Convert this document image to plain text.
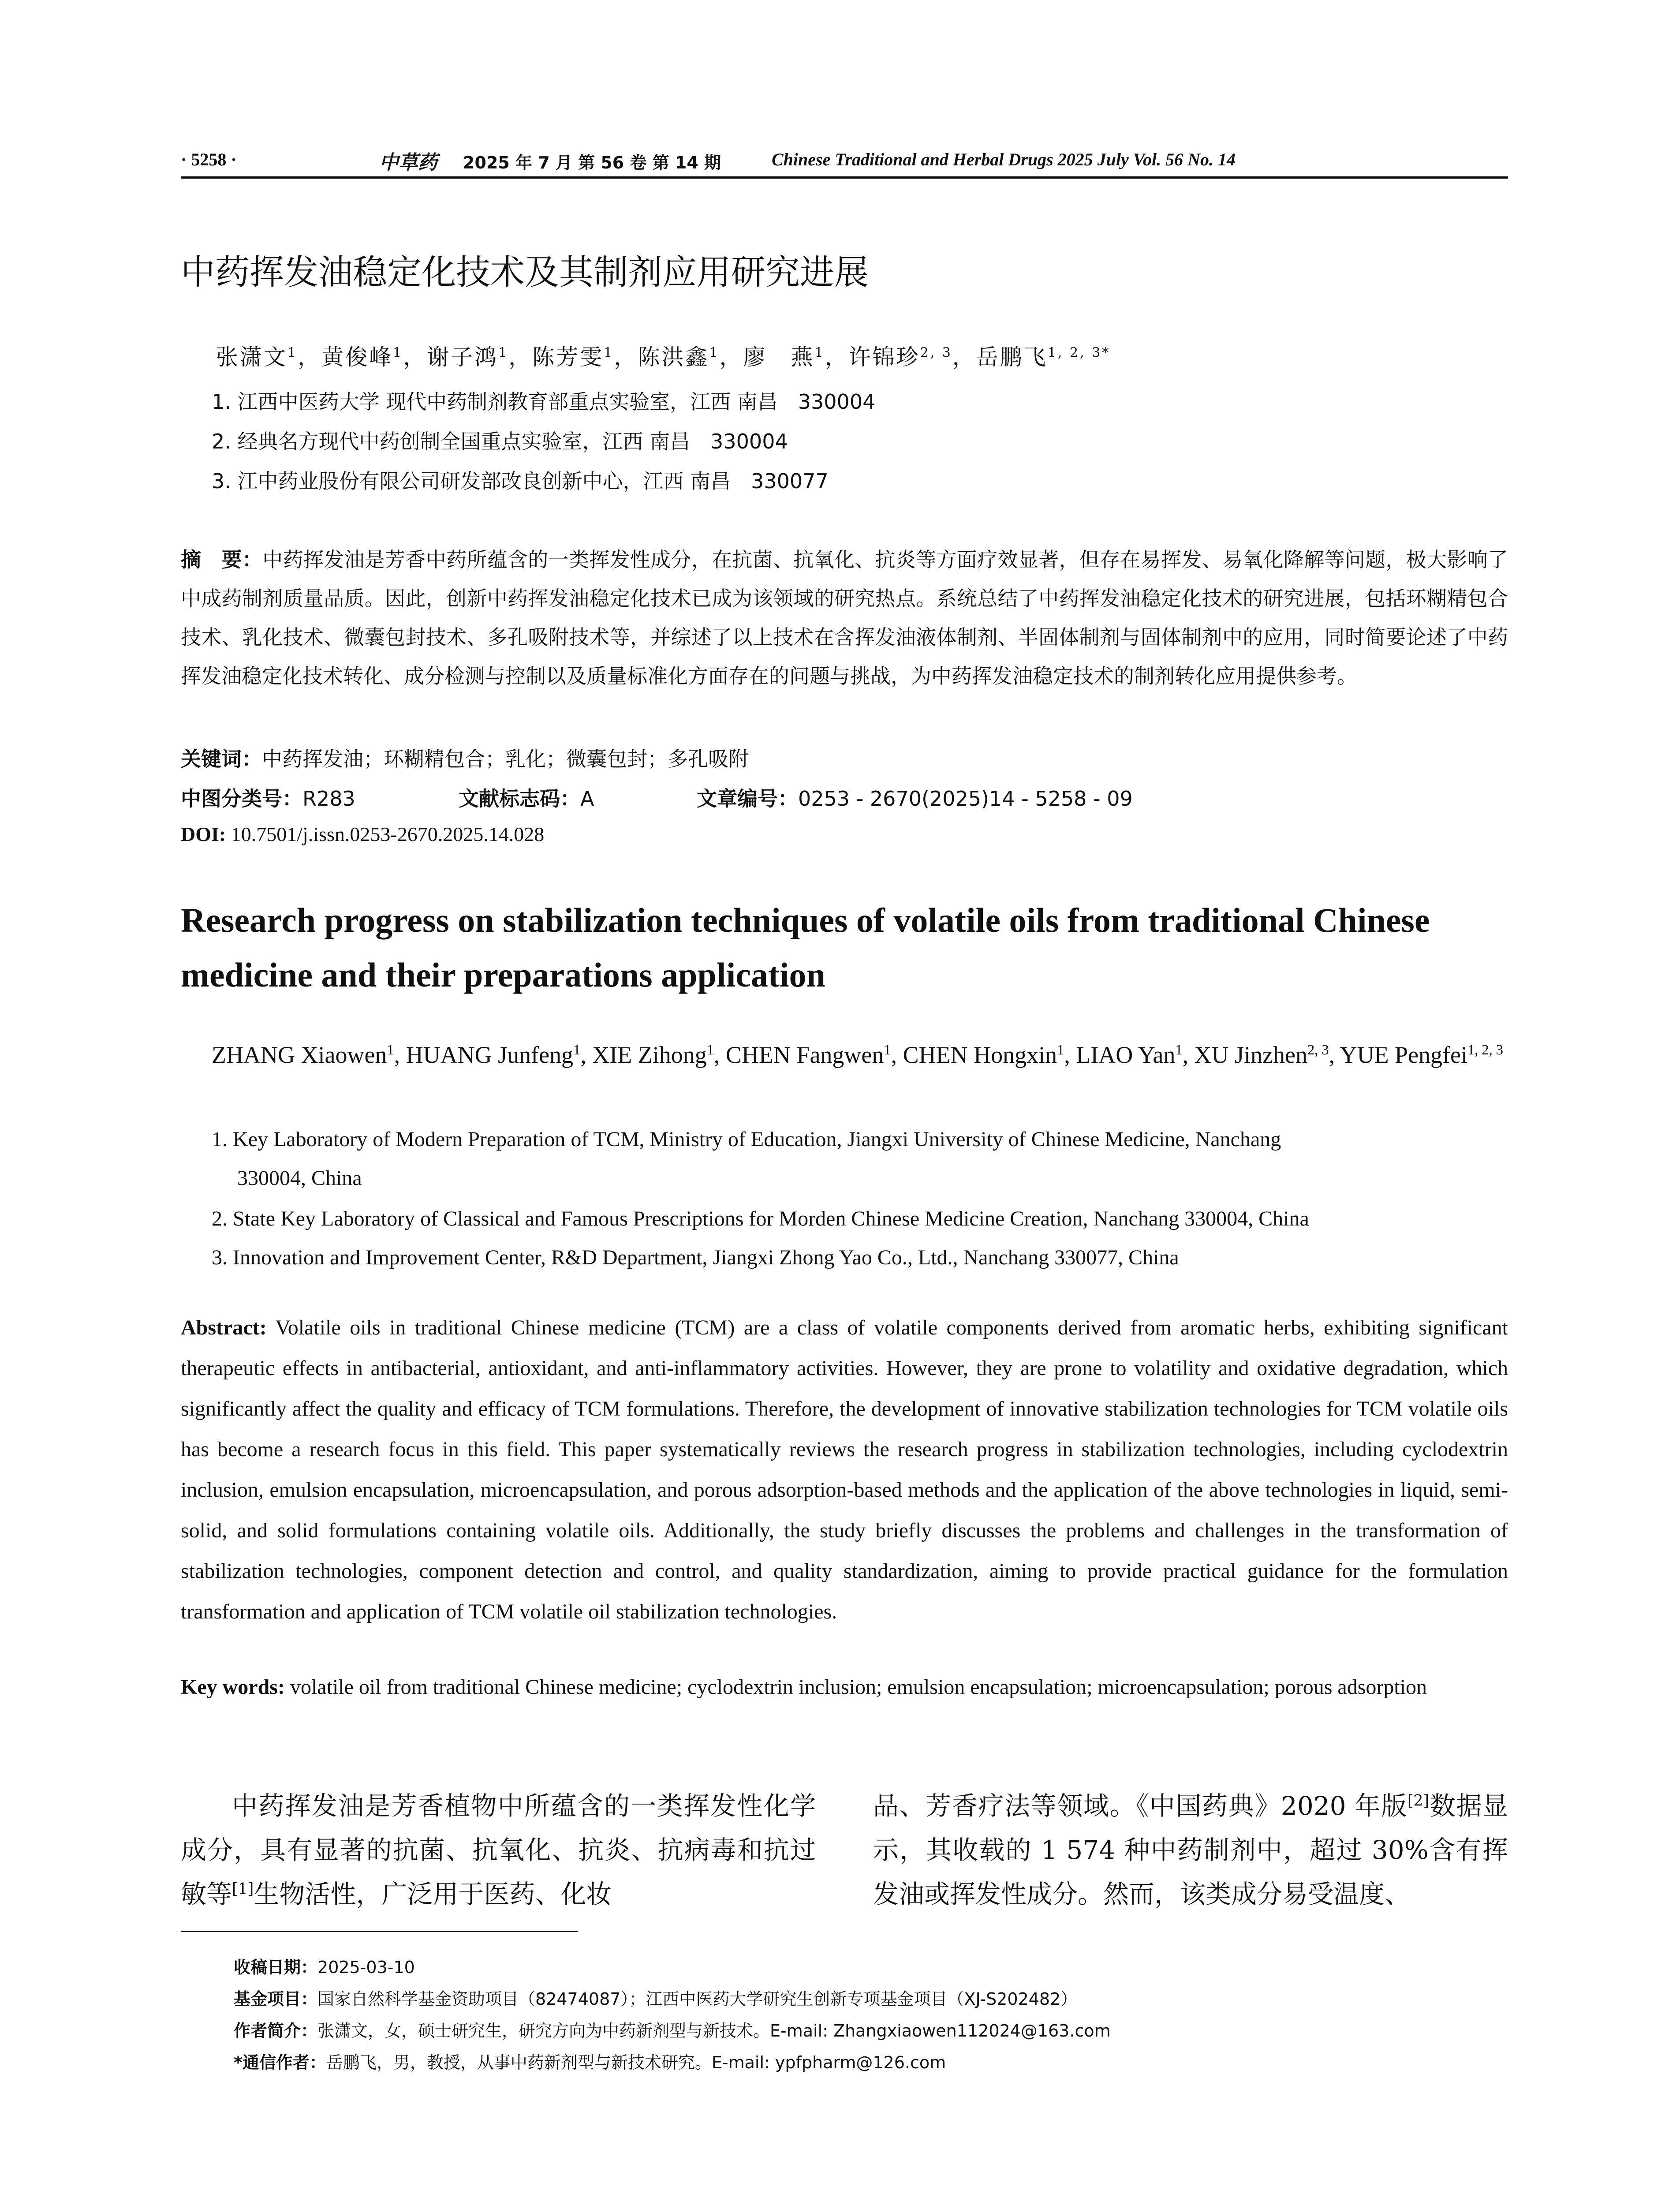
· 5258 ·	中草药 2025 年 7 月 第 56 卷 第 14 期	Chinese Traditional and Herbal Drugs 2025 July Vol. 56 No. 14
中药挥发油稳定化技术及其制剂应用研究进展
张潇文$^1$，黄俊峰$^1$，谢子鸿$^1$，陈芳雯$^1$，陈洪鑫$^1$，廖　燕$^1$，许锦珍$^{2, 3}$，岳鹏飞$^{1, 2, 3*}$
1. 江西中医药大学 现代中药制剂教育部重点实验室，江西 南昌　330004
2. 经典名方现代中药创制全国重点实验室，江西 南昌　330004
3. 江中药业股份有限公司研发部改良创新中心，江西 南昌　330077
摘　要：中药挥发油是芳香中药所蕴含的一类挥发性成分，在抗菌、抗氧化、抗炎等方面疗效显著，但存在易挥发、易氧化降解等问题，极大影响了中成药制剂质量品质。因此，创新中药挥发油稳定化技术已成为该领域的研究热点。系统总结了中药挥发油稳定化技术的研究进展，包括环糊精包合技术、乳化技术、微囊包封技术、多孔吸附技术等，并综述了以上技术在含挥发油液体制剂、半固体制剂与固体制剂中的应用，同时简要论述了中药挥发油稳定化技术转化、成分检测与控制以及质量标准化方面存在的问题与挑战，为中药挥发油稳定技术的制剂转化应用提供参考。
关键词：中药挥发油；环糊精包合；乳化；微囊包封；多孔吸附
中图分类号：R283	文献标志码：A	文章编号：0253 - 2670(2025)14 - 5258 - 09
DOI: 10.7501/j.issn.0253-2670.2025.14.028
Research progress on stabilization techniques of volatile oils from traditional Chinese medicine and their preparations application
ZHANG Xiaowen$^1$, HUANG Junfeng$^1$, XIE Zihong$^1$, CHEN Fangwen$^1$, CHEN Hongxin$^1$, LIAO Yan$^1$, XU Jinzhen$^{2, 3}$, YUE Pengfei$^{1, 2, 3}$
1. Key Laboratory of Modern Preparation of TCM, Ministry of Education, Jiangxi University of Chinese Medicine, Nanchang
330004, China
2. State Key Laboratory of Classical and Famous Prescriptions for Morden Chinese Medicine Creation, Nanchang 330004, China
3. Innovation and Improvement Center, R&D Department, Jiangxi Zhong Yao Co., Ltd., Nanchang 330077, China
Abstract: Volatile oils in traditional Chinese medicine (TCM) are a class of volatile components derived from aromatic herbs, exhibiting significant therapeutic effects in antibacterial, antioxidant, and anti-inflammatory activities. However, they are prone to volatility and oxidative degradation, which significantly affect the quality and efficacy of TCM formulations. Therefore, the development of innovative stabilization technologies for TCM volatile oils has become a research focus in this field. This paper systematically reviews the research progress in stabilization technologies, including cyclodextrin inclusion, emulsion encapsulation, microencapsulation, and porous adsorption-based methods and the application of the above technologies in liquid, semi-solid, and solid formulations containing volatile oils. Additionally, the study briefly discusses the problems and challenges in the transformation of stabilization technologies, component detection and control, and quality standardization, aiming to provide practical guidance for the formulation transformation and application of TCM volatile oil stabilization technologies.
Key words: volatile oil from traditional Chinese medicine; cyclodextrin inclusion; emulsion encapsulation; microencapsulation; porous adsorption
中药挥发油是芳香植物中所蕴含的一类挥发性化学成分，具有显著的抗菌、抗氧化、抗炎、抗病毒和抗过敏等[1]生物活性，广泛用于医药、化妆
品、芳香疗法等领域。《中国药典》2020 年版[2]数据显示，其收载的 1 574 种中药制剂中，超过 30%含有挥发油或挥发性成分。然而，该类成分易受温度、
收稿日期：2025-03-10
基金项目：国家自然科学基金资助项目（82474087）；江西中医药大学研究生创新专项基金项目（XJ-S202482）
作者简介：张潇文，女，硕士研究生，研究方向为中药新剂型与新技术。E-mail: Zhangxiaowen112024@163.com
*通信作者：岳鹏飞，男，教授，从事中药新剂型与新技术研究。E-mail: ypfpharm@126.com
